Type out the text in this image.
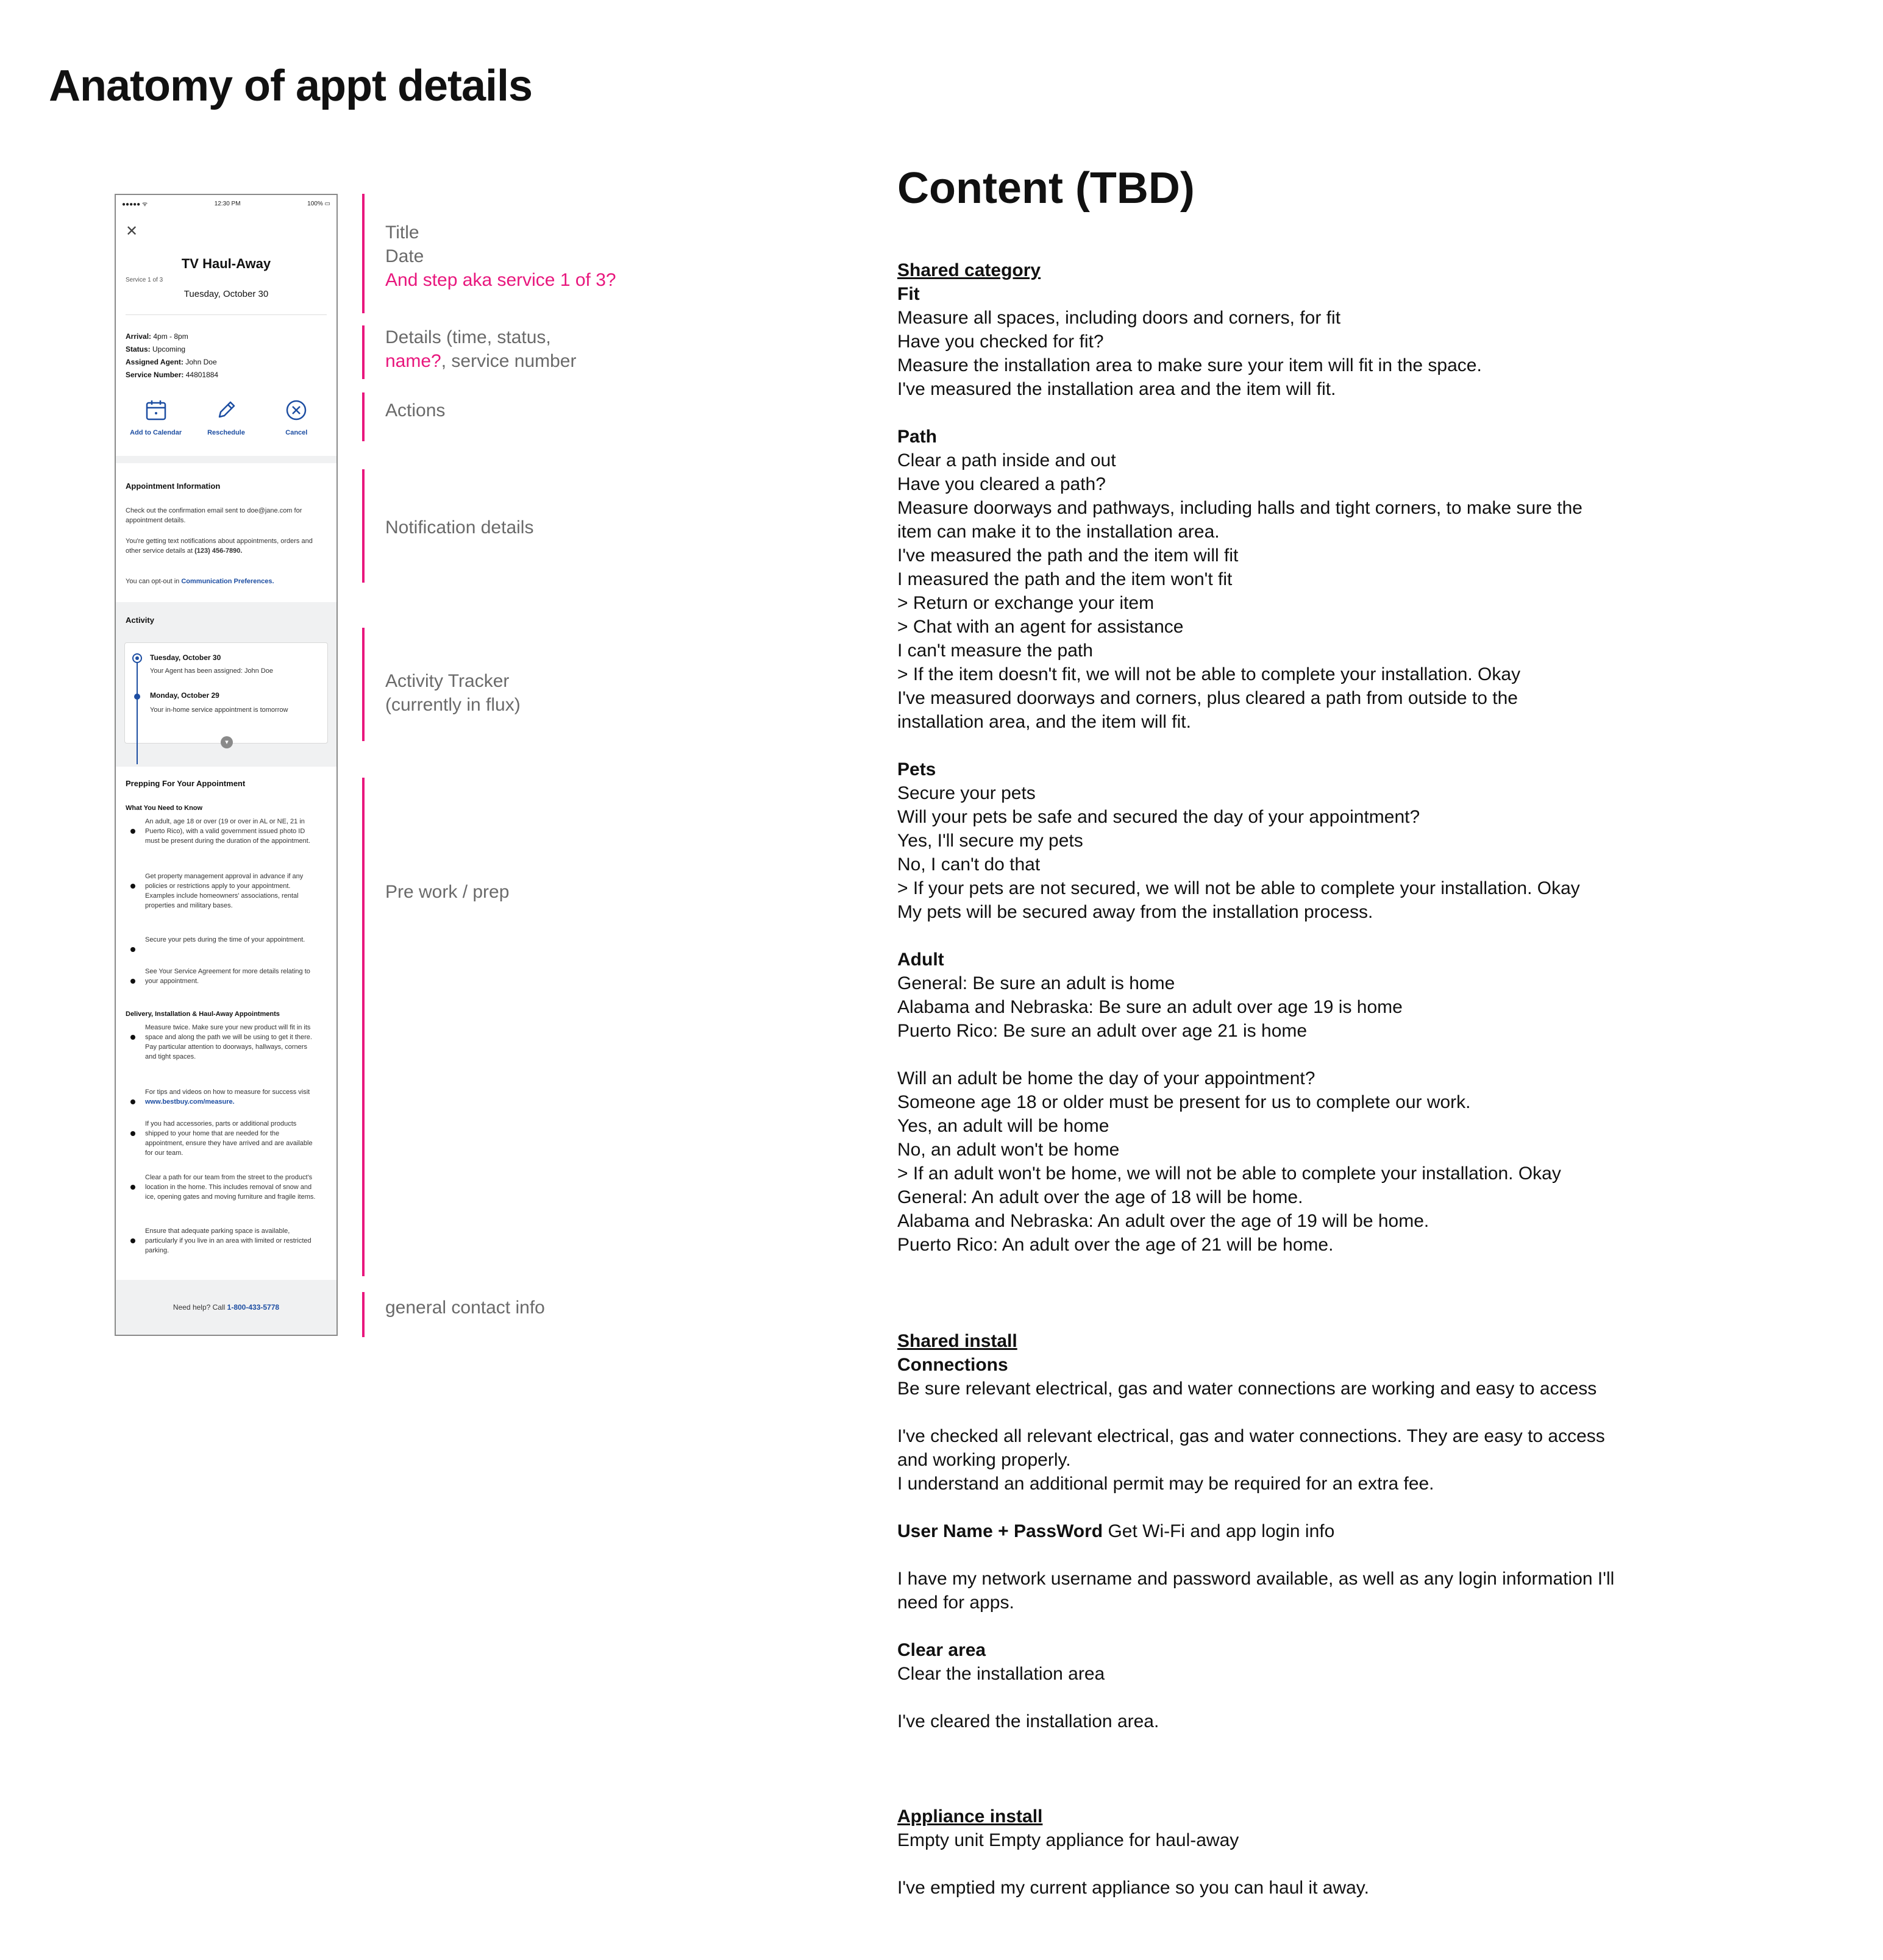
Anatomy of appt details
●●●●● ᯤ	12:30 PM	100% ▭
✕
TV Haul-Away
Service 1 of 3
Tuesday, October 30
Arrival: 4pm - 8pm
Status: Upcoming
Assigned Agent: John Doe
Service Number: 44801884
Add to Calendar	Reschedule	Cancel
Appointment Information
Check out the confirmation email sent to doe@jane.com for appointment details.
You're getting text notifications about appointments, orders and other service details at (123) 456-7890.
You can opt-out in Communication Preferences.
Activity
Tuesday, October 30
Your Agent has been assigned: John Doe
Monday, October 29
Your in-home service appointment is tomorrow
▾
Prepping For Your Appointment
What You Need to Know
An adult, age 18 or over (19 or over in AL or NE, 21 in Puerto Rico), with a valid government issued photo ID must be present during the duration of the appointment.
Get property management approval in advance if any policies or restrictions apply to your appointment. Examples include homeowners' associations, rental properties and military bases.
Secure your pets during the time of your appointment.
See Your Service Agreement for more details relating to your appointment.
Delivery, Installation & Haul-Away Appointments
Measure twice. Make sure your new product will fit in its space and along the path we will be using to get it there. Pay particular attention to doorways, hallways, corners and tight spaces.
For tips and videos on how to measure for success visit www.bestbuy.com/measure.
If you had accessories, parts or additional products shipped to your home that are needed for the appointment, ensure they have arrived and are available for our team.
Clear a path for our team from the street to the product's location in the home. This includes removal of snow and ice, opening gates and moving furniture and fragile items.
Ensure that adequate parking space is available, particularly if you live in an area with limited or restricted parking.
Need help? Call 1-800-433-5778
Title
Date
And step aka service 1 of 3?
Details (time, status,
name?, service number
Actions
Notification details
Activity Tracker
(currently in flux)
Pre work / prep
general contact info
Content (TBD)
Shared category
Fit
Measure all spaces, including doors and corners, for fit
Have you checked for fit?
Measure the installation area to make sure your item will fit in the space.
I've measured the installation area and the item will fit.
Path
Clear a path inside and out
Have you cleared a path?
Measure doorways and pathways, including halls and tight corners, to make sure the
item can make it to the installation area.
I've measured the path and the item will fit
I measured the path and the item won't fit
> Return or exchange your item
> Chat with an agent for assistance
I can't measure the path
> If the item doesn't fit, we will not be able to complete your installation. Okay
I've measured doorways and corners, plus cleared a path from outside to the
installation area, and the item will fit.
Pets
Secure your pets
Will your pets be safe and secured the day of your appointment?
Yes, I'll secure my pets
No, I can't do that
> If your pets are not secured, we will not be able to complete your installation. Okay
My pets will be secured away from the installation process.
Adult
General: Be sure an adult is home
Alabama and Nebraska: Be sure an adult over age 19 is home
Puerto Rico: Be sure an adult over age 21 is home
Will an adult be home the day of your appointment?
Someone age 18 or older must be present for us to complete our work.
Yes, an adult will be home
No, an adult won't be home
> If an adult won't be home, we will not be able to complete your installation. Okay
General: An adult over the age of 18 will be home.
Alabama and Nebraska: An adult over the age of 19 will be home.
Puerto Rico: An adult over the age of 21 will be home.
Shared install
Connections
Be sure relevant electrical, gas and water connections are working and easy to access
I've checked all relevant electrical, gas and water connections. They are easy to access
and working properly.
I understand an additional permit may be required for an extra fee.
User Name + PassWord Get Wi-Fi and app login info
I have my network username and password available, as well as any login information I'll
need for apps.
Clear area
Clear the installation area
I've cleared the installation area.
Appliance install
Empty unit Empty appliance for haul-away
I've emptied my current appliance so you can haul it away.
